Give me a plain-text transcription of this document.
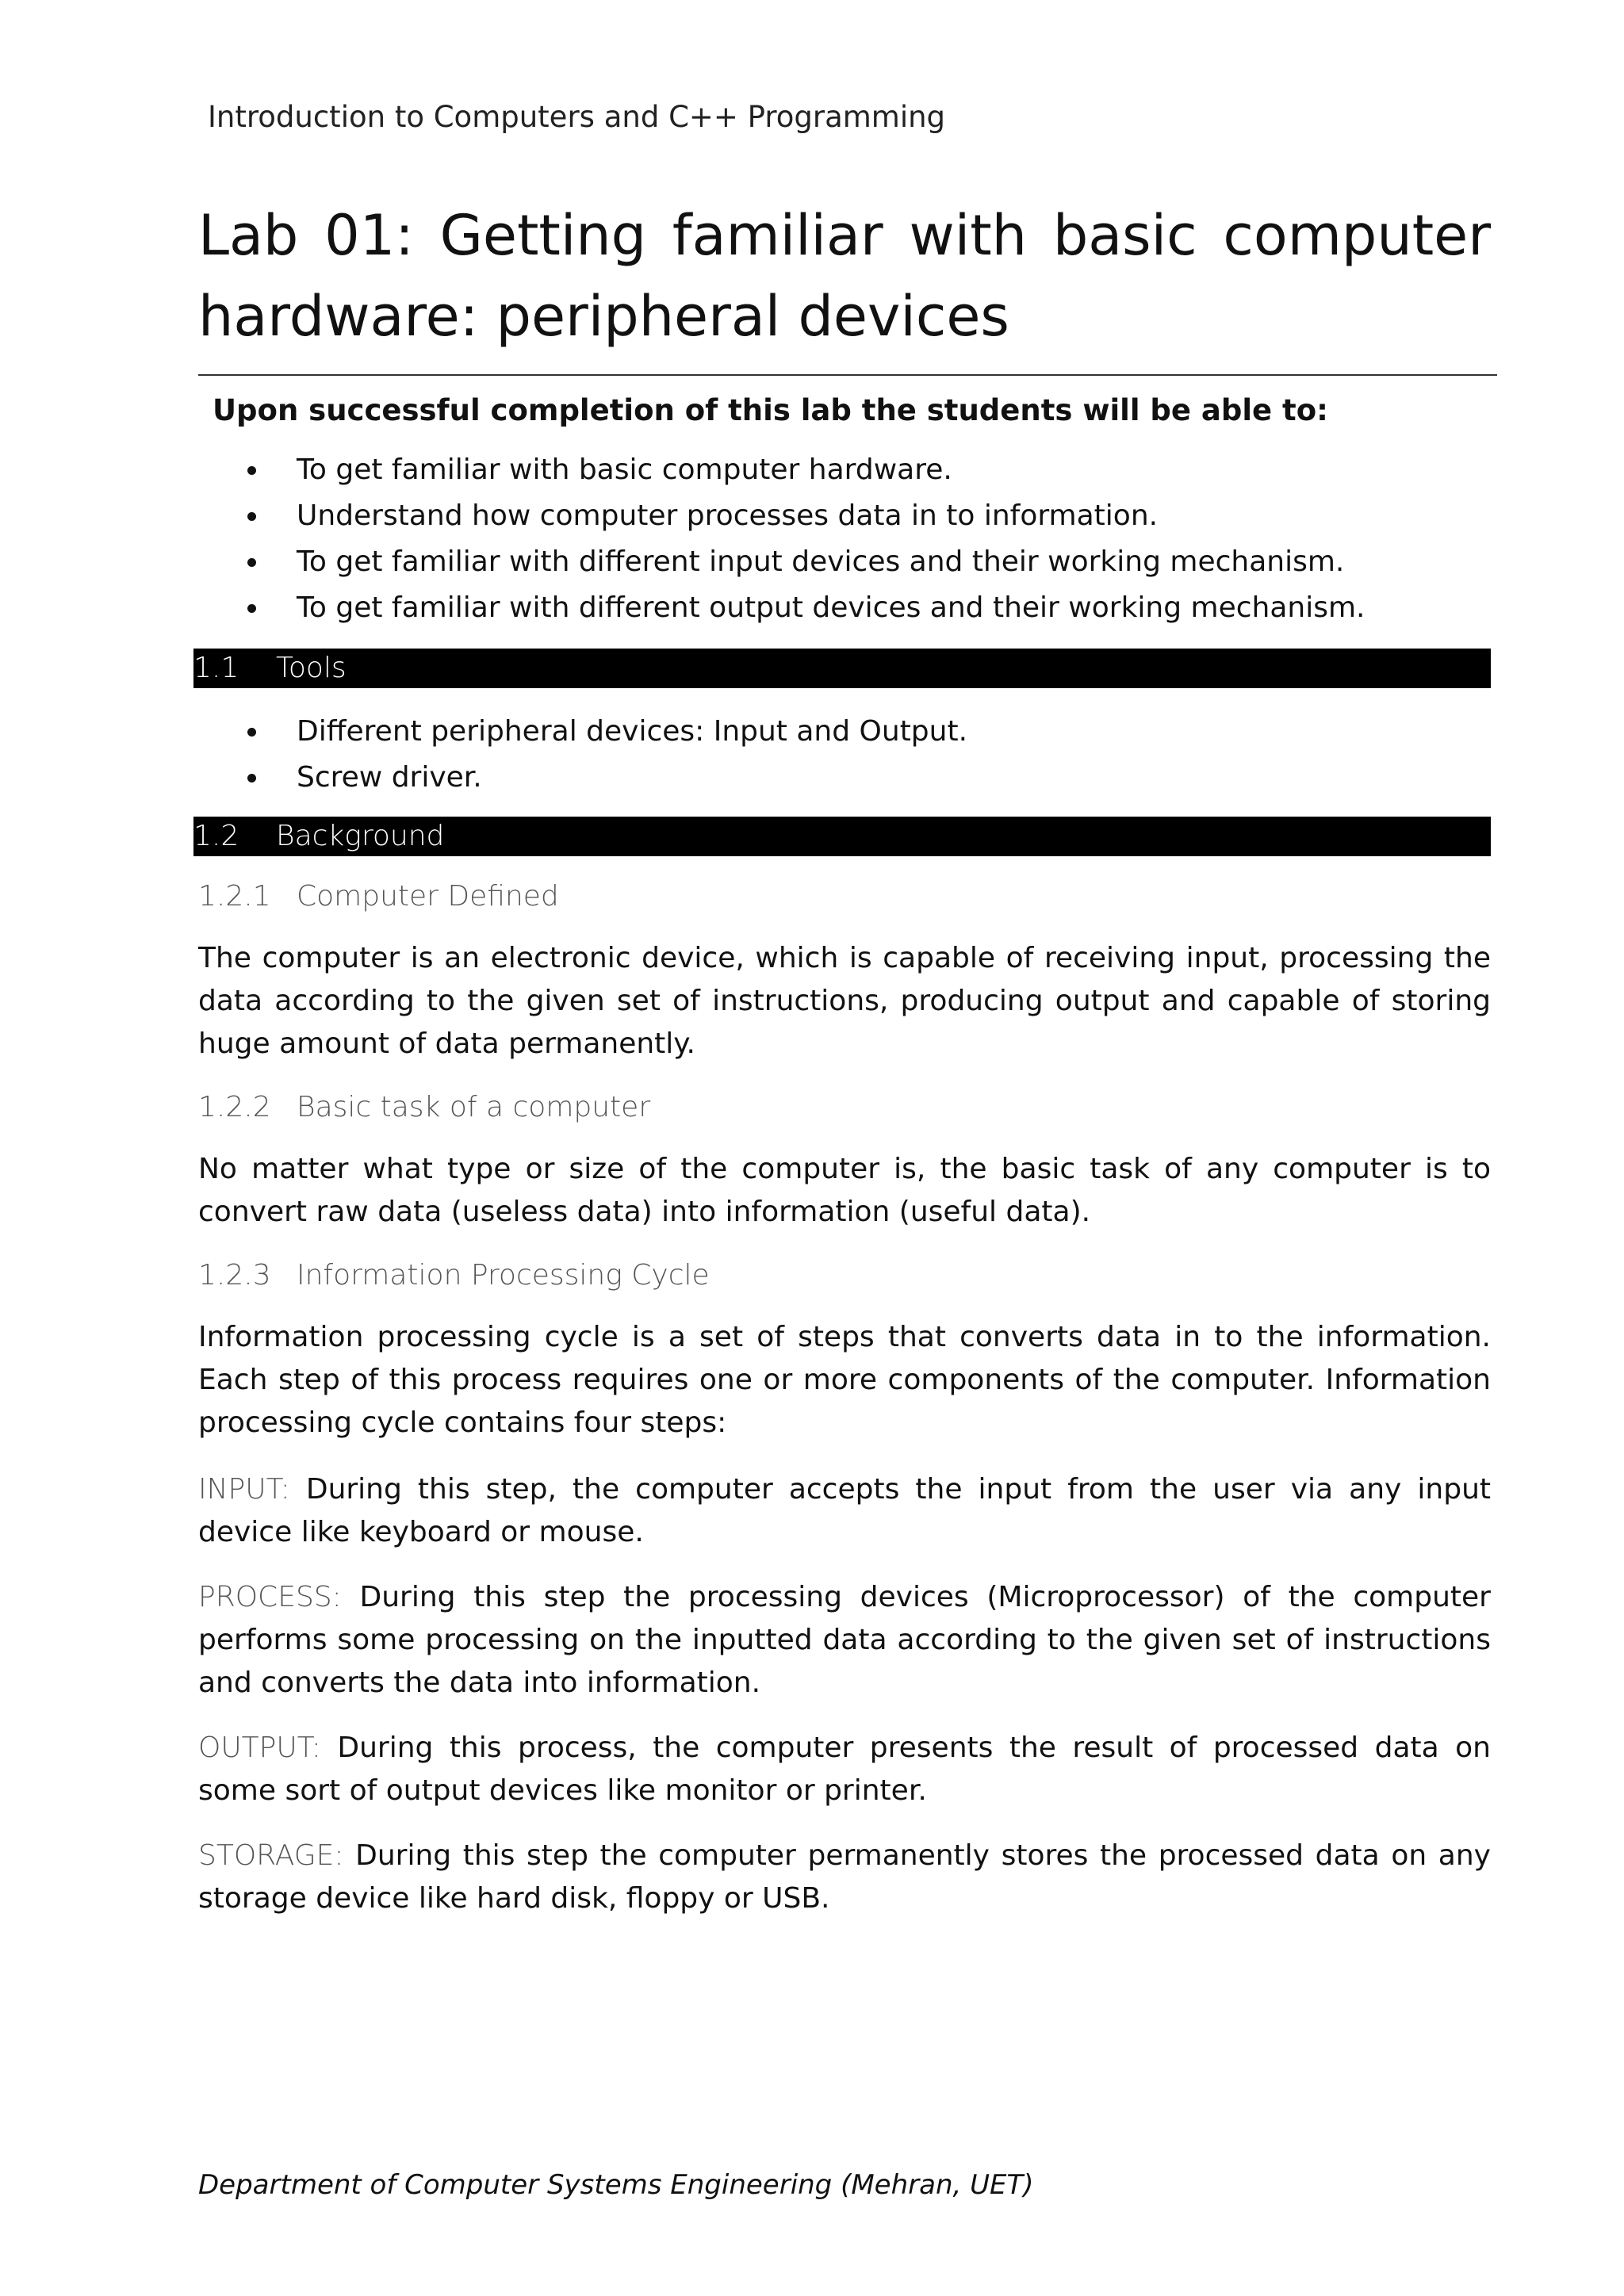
Introduction to Computers and C++ Programming
Lab 01: Getting familiar with basic computer hardware: peripheral devices
Upon successful completion of this lab the students will be able to:
To get familiar with basic computer hardware.
Understand how computer processes data in to information.
To get familiar with different input devices and their working mechanism.
To get familiar with different output devices and their working mechanism.
1.1 Tools
Different peripheral devices: Input and Output.
Screw driver.
1.2 Background
1.2.1 Computer Defined

The computer is an electronic device, which is capable of receiving input, processing the data according to the given set of instructions, producing output and capable of storing huge amount of data permanently.

1.2.2 Basic task of a computer

No matter what type or size of the computer is, the basic task of any computer is to convert raw data (useless data) into information (useful data).

1.2.3 Information Processing Cycle

Information processing cycle is a set of steps that converts data in to the information. Each step of this process requires one or more components of the computer. Information processing cycle contains four steps:

INPUT: During this step, the computer accepts the input from the user via any input device like keyboard or mouse.

PROCESS: During this step the processing devices (Microprocessor) of the computer performs some processing on the inputted data according to the given set of instructions and converts the data into information.

OUTPUT: During this process, the computer presents the result of processed data on some sort of output devices like monitor or printer.

STORAGE: During this step the computer permanently stores the processed data on any storage device like hard disk, floppy or USB.

Department of Computer Systems Engineering (Mehran, UET)
